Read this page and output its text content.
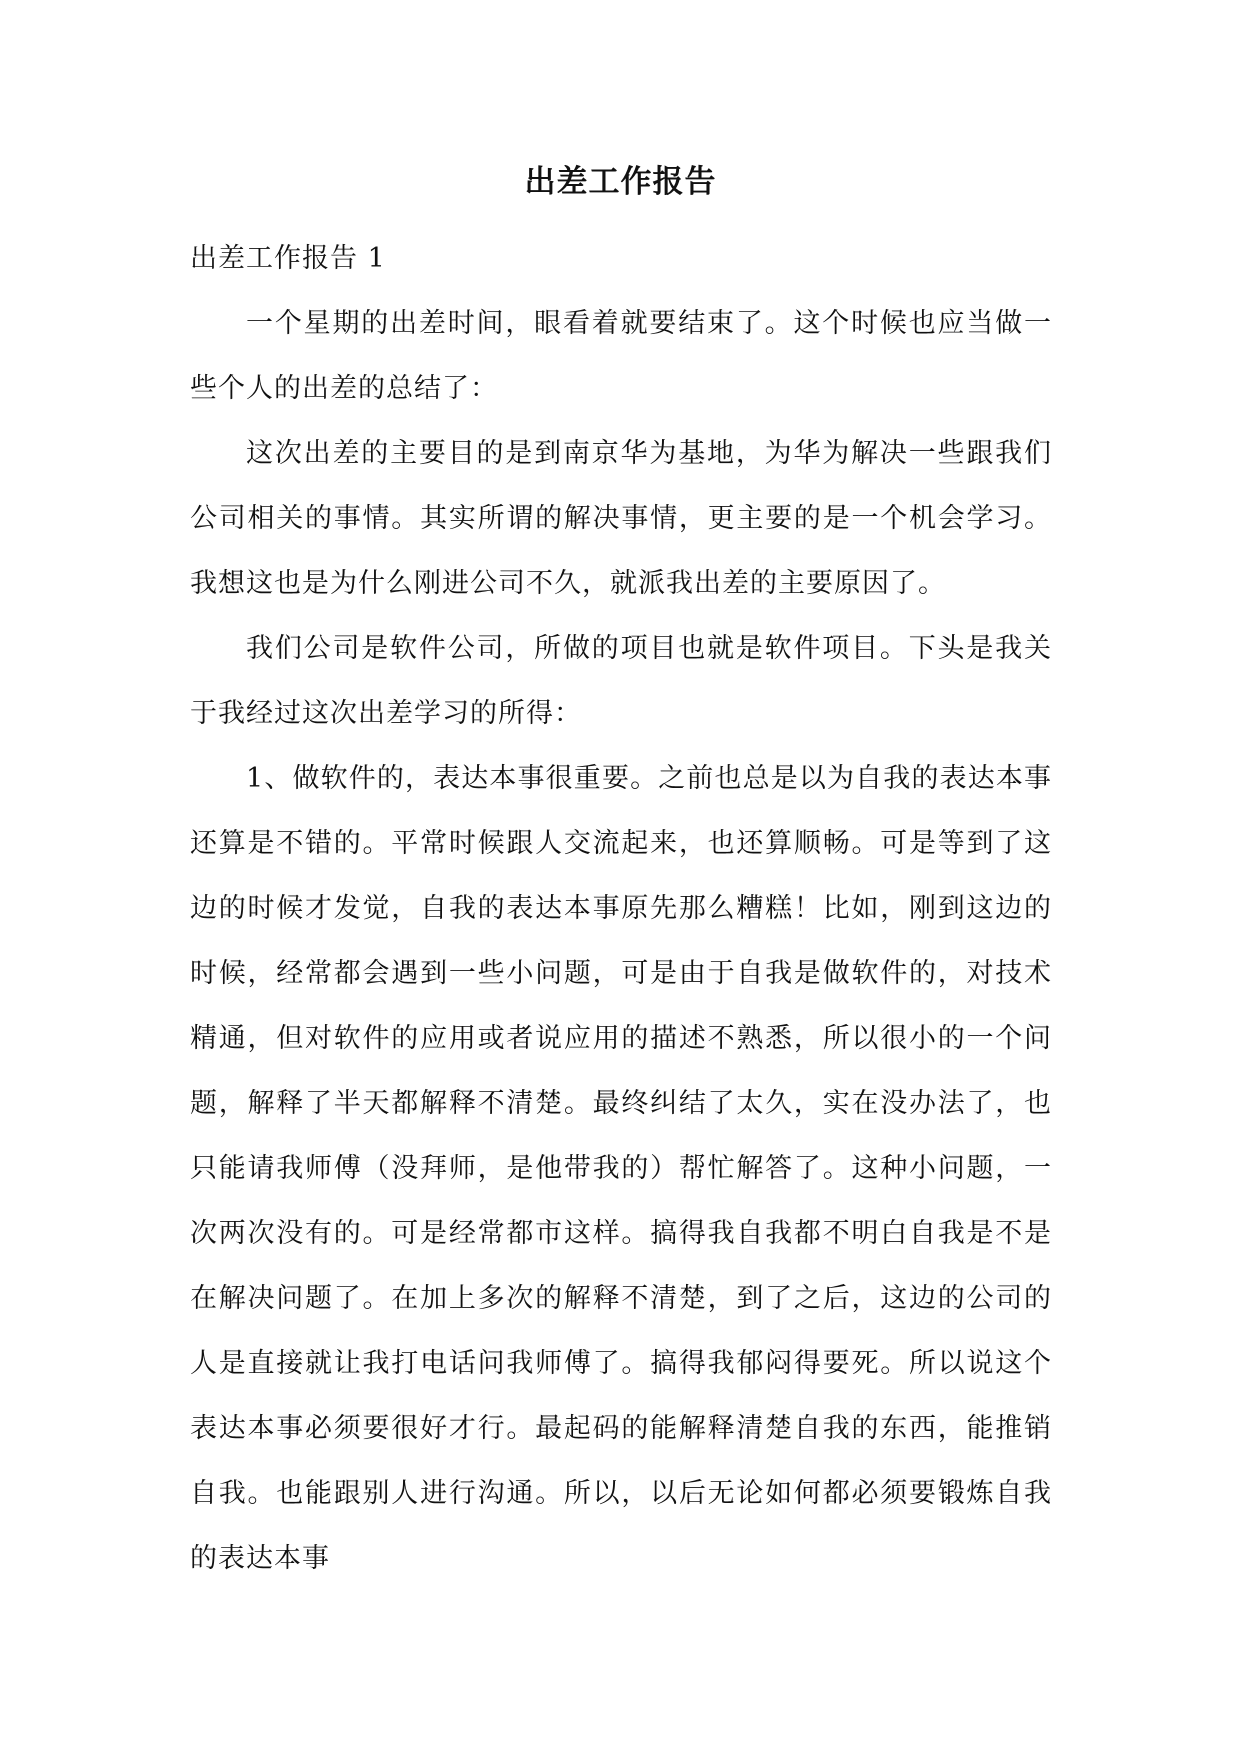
出差工作报告
出差工作报告 1

一个星期的出差时间，眼看着就要结束了。这个时候也应当做一些个人的出差的总结了：

这次出差的主要目的是到南京华为基地，为华为解决一些跟我们公司相关的事情。其实所谓的解决事情，更主要的是一个机会学习。我想这也是为什么刚进公司不久，就派我出差的主要原因了。

我们公司是软件公司，所做的项目也就是软件项目。下头是我关于我经过这次出差学习的所得：

1、做软件的，表达本事很重要。之前也总是以为自我的表达本事还算是不错的。平常时候跟人交流起来，也还算顺畅。可是等到了这边的时候才发觉，自我的表达本事原先那么糟糕！比如，刚到这边的时候，经常都会遇到一些小问题，可是由于自我是做软件的，对技术精通，但对软件的应用或者说应用的描述不熟悉，所以很小的一个问题，解释了半天都解释不清楚。最终纠结了太久，实在没办法了，也只能请我师傅（没拜师，是他带我的）帮忙解答了。这种小问题，一次两次没有的。可是经常都市这样。搞得我自我都不明白自我是不是在解决问题了。在加上多次的解释不清楚，到了之后，这边的公司的人是直接就让我打电话问我师傅了。搞得我郁闷得要死。所以说这个表达本事必须要很好才行。最起码的能解释清楚自我的东西，能推销自我。也能跟别人进行沟通。所以，以后无论如何都必须要锻炼自我的表达本事
